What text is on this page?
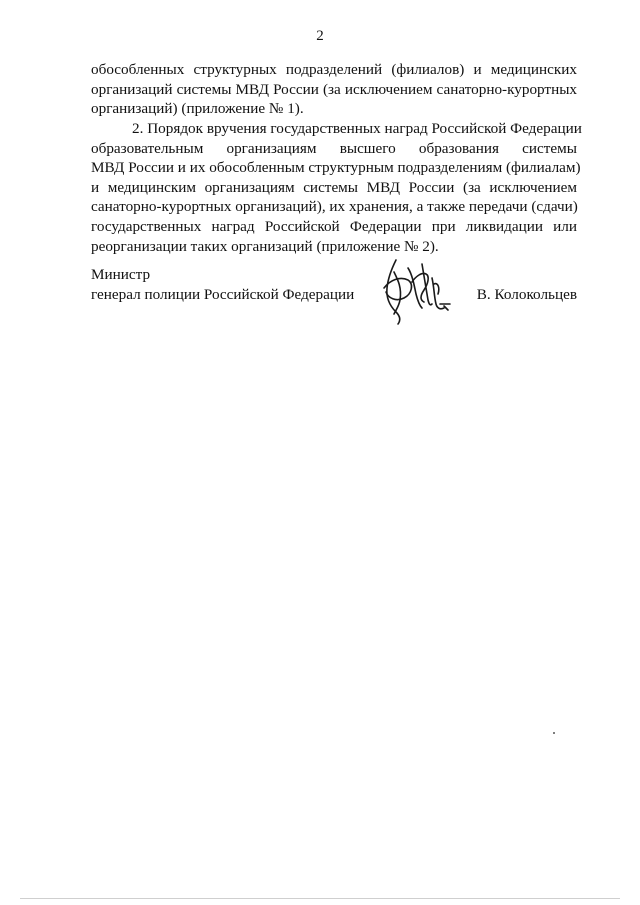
2
обособленных структурных подразделений (филиалов) и медицинских
организаций системы МВД России (за исключением санаторно-курортных
организаций) (приложение № 1).
2. Порядок вручения государственных наград Российской Федерации
образовательным организациям высшего образования системы
МВД России и их обособленным структурным подразделениям (филиалам)
и медицинским организациям системы МВД России (за исключением
санаторно-курортных организаций), их хранения, а также передачи (сдачи)
государственных наград Российской Федерации при ликвидации или
реорганизации таких организаций (приложение № 2).
Министр
генерал полиции Российской Федерации	В. Колокольцев
